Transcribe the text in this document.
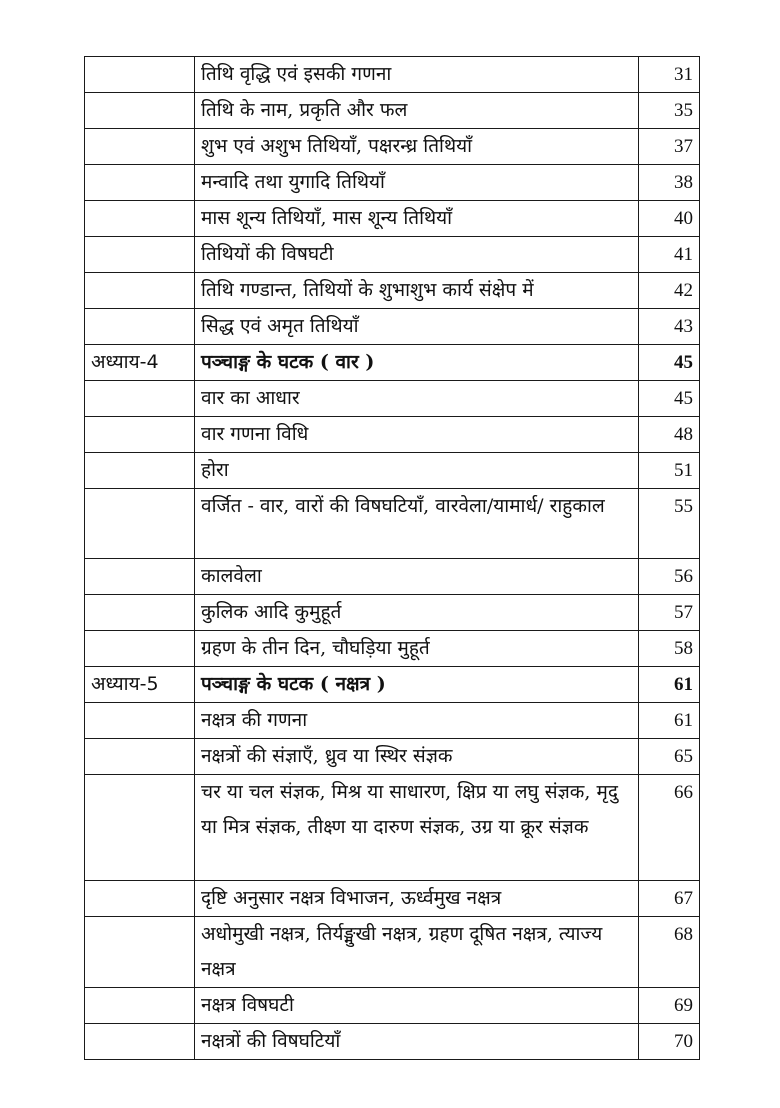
	तिथि वृद्धि एवं इसकी गणना	31
	तिथि के नाम, प्रकृति और फल	35
	शुभ एवं अशुभ तिथियाँ, पक्षरन्ध्र तिथियाँ	37
	मन्वादि तथा युगादि तिथियाँ	38
	मास शून्य तिथियाँ, मास शून्य तिथियाँ	40
	तिथियों की विषघटी	41
	तिथि गण्डान्त, तिथियों के शुभाशुभ कार्य संक्षेप में	42
	सिद्ध एवं अमृत तिथियाँ	43
अध्याय-4	पञ्चाङ्ग के घटक ( वार )	45
	वार का आधार	45
	वार गणना विधि	48
	होरा	51
	वर्जित - वार, वारों की विषघटियाँ, वारवेला/यामार्ध/ राहुकाल	55
	कालवेला	56
	कुलिक आदि कुमुहूर्त	57
	ग्रहण के तीन दिन, चौघड़िया मुहूर्त	58
अध्याय-5	पञ्चाङ्ग के घटक ( नक्षत्र )	61
	नक्षत्र की गणना	61
	नक्षत्रों की संज्ञाएँ, ध्रुव या स्थिर संज्ञक	65
	चर या चल संज्ञक, मिश्र या साधारण, क्षिप्र या लघु संज्ञक, मृदु या मित्र संज्ञक, तीक्ष्ण या दारुण संज्ञक, उग्र या क्रूर संज्ञक	66
	दृष्टि अनुसार नक्षत्र विभाजन, ऊर्ध्वमुख नक्षत्र	67
	अधोमुखी नक्षत्र, तिर्यङ्मुखी नक्षत्र, ग्रहण दूषित नक्षत्र, त्याज्य नक्षत्र	68
	नक्षत्र विषघटी	69
	नक्षत्रों की विषघटियाँ	70
